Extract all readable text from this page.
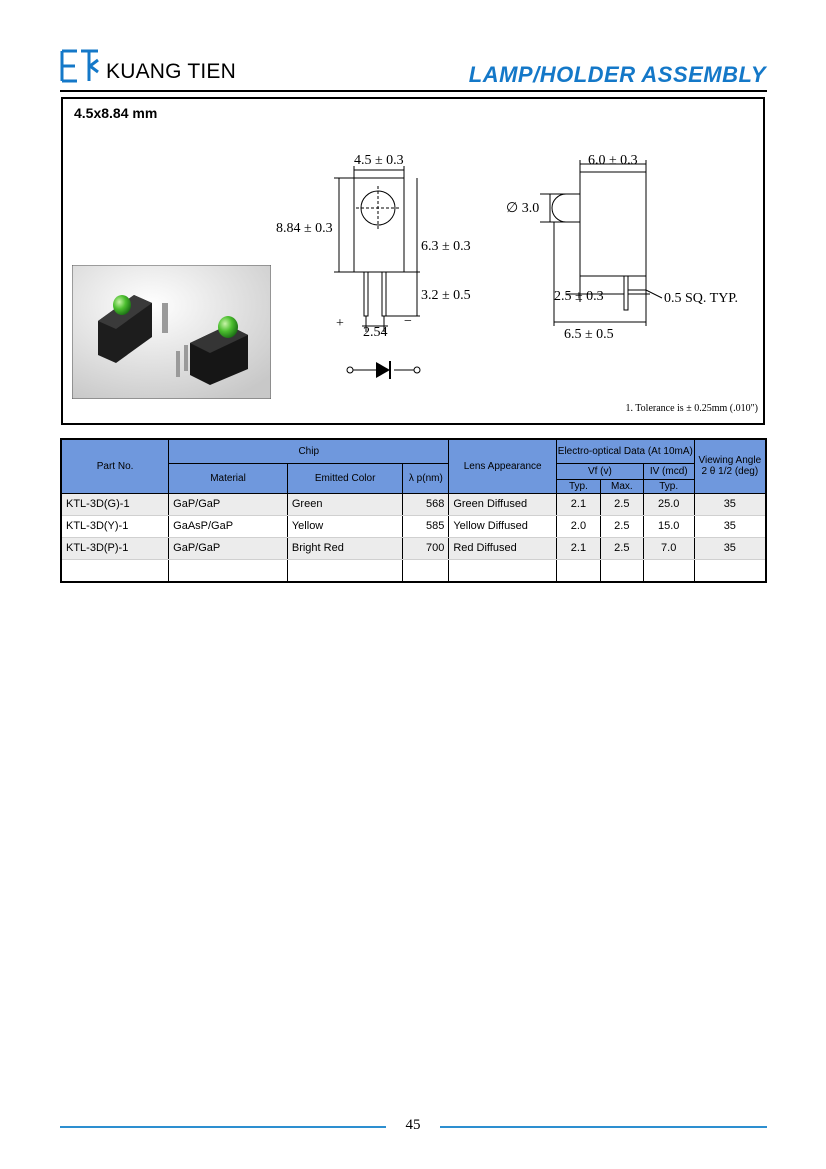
KUANG TIEN	LAMP/HOLDER ASSEMBLY
4.5x8.84 mm
4.5 ± 0.3
8.84 ± 0.3
6.3 ± 0.3
3.2 ± 0.5
2.54
+	−
6.0 ± 0.3
∅ 3.0
2.5 ± 0.3	0.5 SQ. TYP.
6.5 ± 0.5
1. Tolerance is ± 0.25mm (.010")
Part No.	Chip			Lens Appearance	Electro-optical Data (At 10mA)			Viewing Angle 2 θ 1/2 (deg)
	Material	Emitted Color	λ p(nm)		Vf (v)		IV (mcd)	
					Typ.	Max.	Typ.	
KTL-3D(G)-1	GaP/GaP	Green	568	Green Diffused	2.1	2.5	25.0	35
KTL-3D(Y)-1	GaAsP/GaP	Yellow	585	Yellow Diffused	2.0	2.5	15.0	35
KTL-3D(P)-1	GaP/GaP	Bright Red	700	Red Diffused	2.1	2.5	7.0	35

45
